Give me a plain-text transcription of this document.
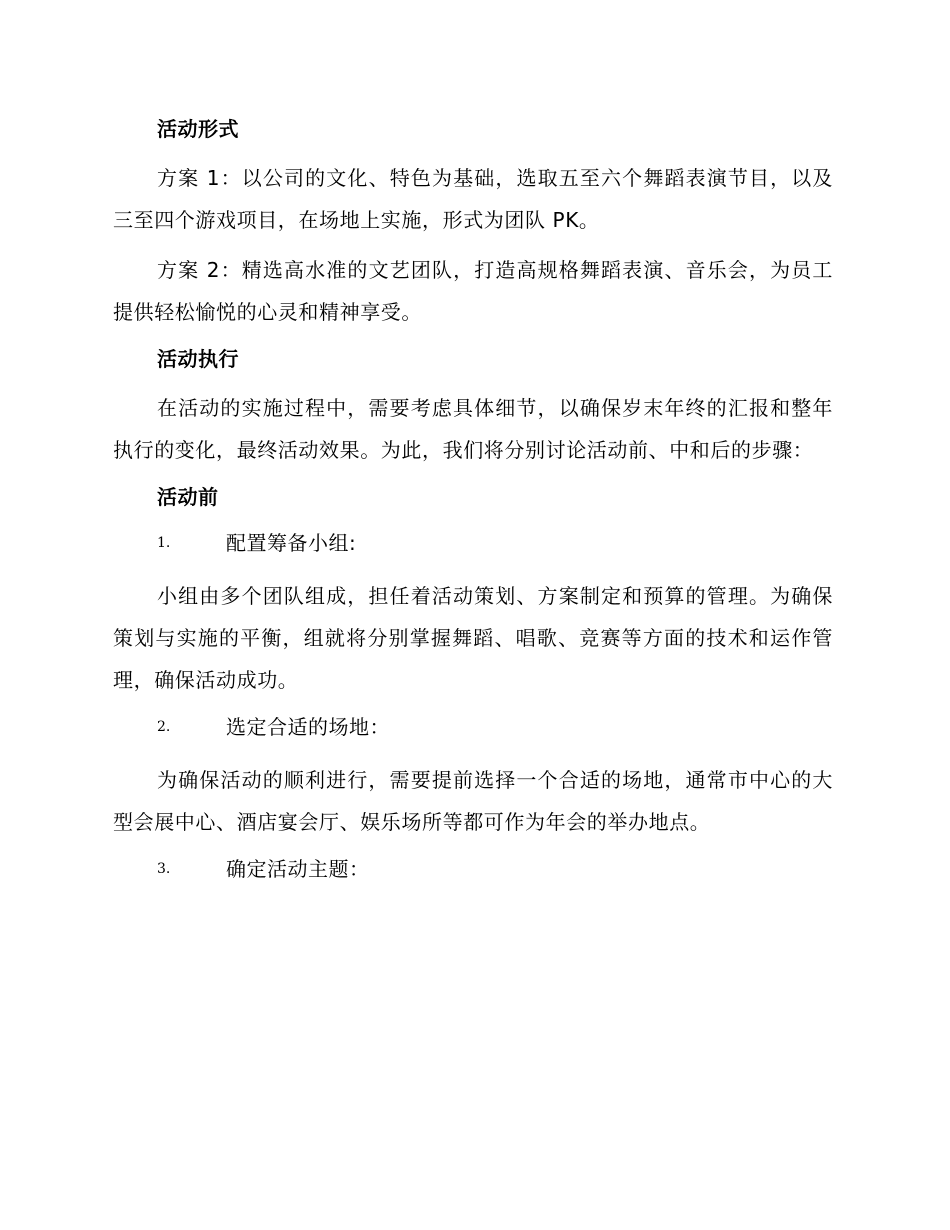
活动形式

方案 1：以公司的文化、特色为基础，选取五至六个舞蹈表演节目，以及三至四个游戏项目，在场地上实施，形式为团队 PK。

方案 2：精选高水准的文艺团队，打造高规格舞蹈表演、音乐会，为员工提供轻松愉悦的心灵和精神享受。

活动执行

在活动的实施过程中，需要考虑具体细节，以确保岁末年终的汇报和整年执行的变化，最终活动效果。为此，我们将分别讨论活动前、中和后的步骤：

活动前
1.	配置筹备小组:

小组由多个团队组成，担任着活动策划、方案制定和预算的管理。为确保策划与实施的平衡，组就将分别掌握舞蹈、唱歌、竞赛等方面的技术和运作管理，确保活动成功。

2.	选定合适的场地：

为确保活动的顺利进行，需要提前选择一个合适的场地，通常市中心的大型会展中心、酒店宴会厅、娱乐场所等都可作为年会的举办地点。

3.	确定活动主题：
